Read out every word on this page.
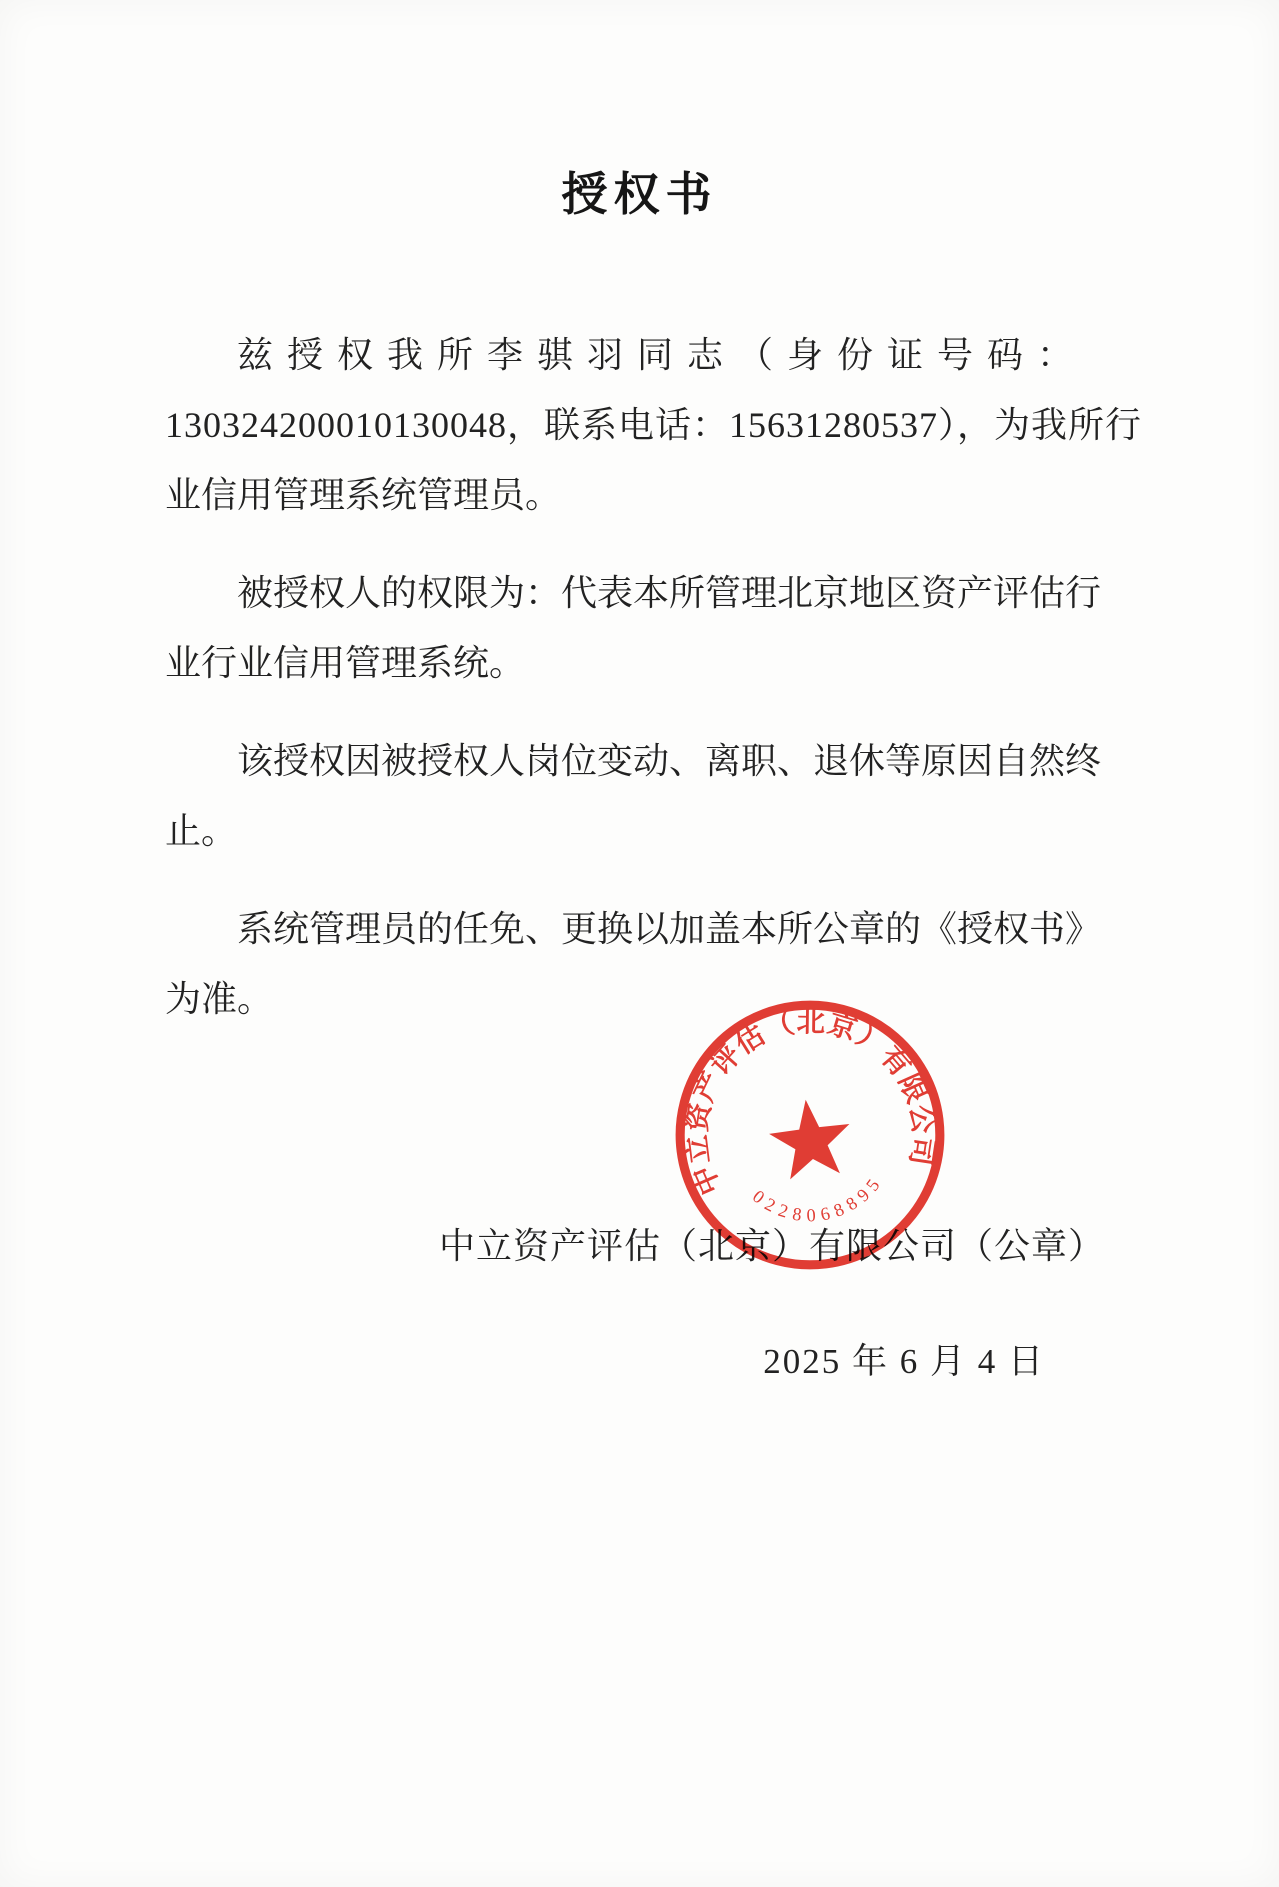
授权书
兹授权我所李骐羽同志（身份证号码：
130324200010130048，联系电话：15631280537），为我所行
业信用管理系统管理员。
被授权人的权限为：代表本所管理北京地区资产评估行
业行业信用管理系统。
该授权因被授权人岗位变动、离职、退休等原因自然终
止。
系统管理员的任免、更换以加盖本所公章的《授权书》
为准。
中立资产评估（北京）有限公司（公章）
2025 年 6 月 4 日
中立资产评估（北京）有限公司
0228068895
